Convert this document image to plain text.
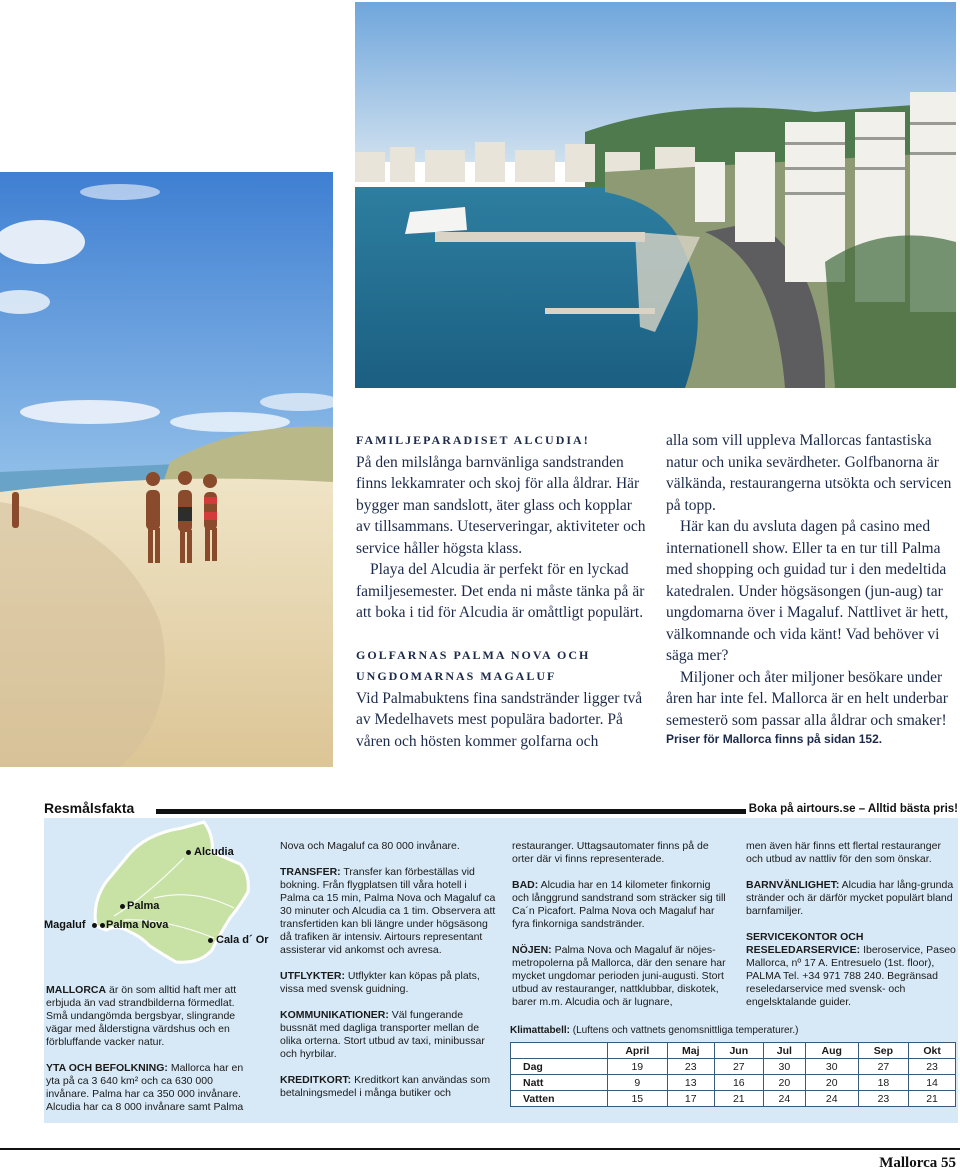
FAMILJEPARADISET ALCUDIA!

På den milslånga barnvänliga sandstranden finns lekkamrater och skoj för alla åldrar. Här bygger man sandslott, äter glass och kopplar av tillsammans. Uteserveringar, aktiviteter och service håller högsta klass.

Playa del Alcudia är perfekt för en lyckad familjesemester. Det enda ni måste tänka på är att boka i tid för Alcudia är omåttligt populärt.

GOLFARNAS PALMA NOVA OCH UNGDOMARNAS MAGALUF

Vid Palmabuktens fina sandstränder ligger två av Medelhavets mest populära badorter. På våren och hösten kommer golfarna och

alla som vill uppleva Mallorcas fantastiska natur och unika sevärdheter. Golfbanorna är välkända, restaurangerna utsökta och servicen på topp.

Här kan du avsluta dagen på casino med internationell show. Eller ta en tur till Palma med shopping och guidad tur i den medeltida katedralen. Under högsäsongen (jun-aug) tar ungdomarna över i Magaluf. Nattlivet är hett, välkomnande och vida känt! Vad behöver vi säga mer?

Miljoner och åter miljoner besökare under åren har inte fel. Mallorca är en helt underbar semesterö som passar alla åldrar och smaker!

Priser för Mallorca finns på sidan 152.

Resmålsfakta	Boka på airtours.se – Alltid bästa pris!
Alcudia
Palma
Magaluf Palma Nova
Cala d´ Or

MALLORCA är ön som alltid haft mer att erbjuda än vad strandbilderna förmedlat. Små undangömda bergsbyar, slingrande vägar med ålderstigna värdshus och en förbluffande vacker natur.

YTA OCH BEFOLKNING: Mallorca har en yta på ca 3 640 km² och ca 630 000 invånare. Palma har ca 350 000 invånare. Alcudia har ca 8 000 invånare samt Palma

Nova och Magaluf ca 80 000 invånare.

TRANSFER: Transfer kan förbeställas vid bokning. Från flygplatsen till våra hotell i Palma ca 15 min, Palma Nova och Magaluf ca 30 minuter och Alcudia ca 1 tim. Observera att transfertiden kan bli längre under högsäsong då trafiken är intensiv. Airtours representant assisterar vid ankomst och avresa.

UTFLYKTER: Utflykter kan köpas på plats, vissa med svensk guidning.

KOMMUNIKATIONER: Väl fungerande bussnät med dagliga transporter mellan de olika orterna. Stort utbud av taxi, minibussar och hyrbilar.

KREDITKORT: Kreditkort kan användas som betalningsmedel i många butiker och

restauranger. Uttagsautomater finns på de orter där vi finns representerade.

BAD: Alcudia har en 14 kilometer finkornig och långgrund sandstrand som sträcker sig till Ca´n Picafort. Palma Nova och Magaluf har fyra finkorniga sandstränder.

NÖJEN: Palma Nova och Magaluf är nöjes-metropolerna på Mallorca, där den senare har mycket ungdomar perioden juni-augusti. Stort utbud av restauranger, nattklubbar, diskotek, barer m.m. Alcudia och är lugnare,

men även här finns ett flertal restauranger och utbud av nattliv för den som önskar.

BARNVÄNLIGHET: Alcudia har lång-grunda stränder och är därför mycket populärt bland barnfamiljer.

SERVICEKONTOR OCH RESELEDARSERVICE: Iberoservice, Paseo Mallorca, nº 17 A. Entresuelo (1st. floor), PALMA Tel. +34 971 788 240. Begränsad reseledarservice med svensk- och engelsktalande guider.

Klimattabell: (Luftens och vattnets genomsnittliga temperaturer.)
	April	Maj	Jun	Jul	Aug	Sep	Okt
Dag	19	23	27	30	30	27	23
Natt	9	13	16	20	20	18	14
Vatten	15	17	21	24	24	23	21
Mallorca 55
